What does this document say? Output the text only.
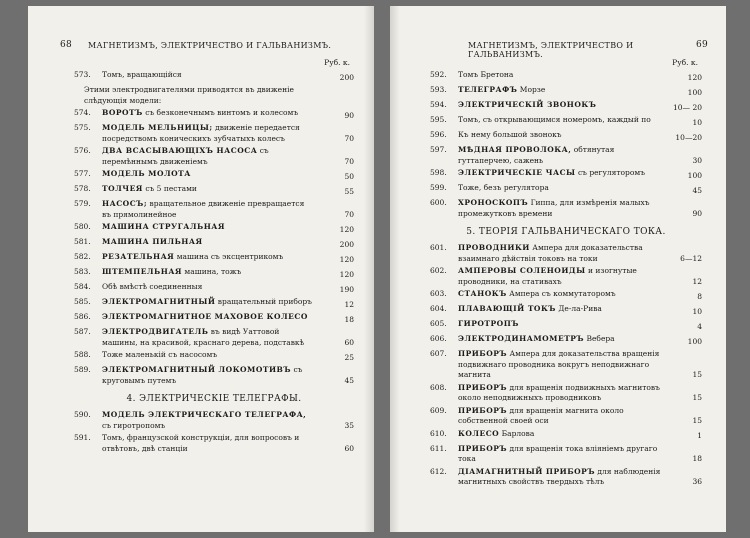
68 МАГНЕТИЗМЪ, ЭЛЕКТРИЧЕСТВО И ГАЛЬВАНИЗМЪ.
Руб. к.
573. Томъ, вращающійся	200
Этими электродвигателями приводятся въ движеніе слѣдующія модели:
574. ВОРОТЪ съ безконечнымъ винтомъ и колесомъ	90
575. МОДЕЛЬ МЕЛЬНИЦЫ; движеніе передается посредствомъ коническихъ зубчатыхъ колесъ	70
576. ДВА ВСАСЫВАЮЩІХЪ НАСОСА съ перемѣннымъ движеніемъ	70
577. МОДЕЛЬ МОЛОТА	50
578. ТОЛЧЕЯ съ 5 пестами	55
579. НАСОСЪ; вращательное движеніе превращается въ прямолинейное	70
580. МАШИНА СТРУГАЛЬНАЯ	120
581. МАШИНА ПИЛЬНАЯ	200
582. РЕЗАТЕЛЬНАЯ машина съ эксцентрикомъ	120
583. ШТЕМПЕЛЬНАЯ машина, тожъ	120
584. Обѣ вмѣстѣ соединенныя	190
585. ЭЛЕКТРОМАГНИТНЫЙ вращательный приборъ	12
586. ЭЛЕКТРОМАГНИТНОЕ МАХОВОЕ КОЛЕСО	18
587. ЭЛЕКТРОДВИГАТЕЛЬ въ видѣ Уаттовой машины, на красивой, краснаго дерева, подставкѣ	60
588. Тоже маленькій съ насосомъ	25
589. ЭЛЕКТРОМАГНИТНЫЙ ЛОКОМОТИВЪ съ круговымъ путемъ	45
4. ЭЛЕКТРИЧЕСКІЕ ТЕЛЕГРАФЫ.
590. МОДЕЛЬ ЭЛЕКТРИЧЕСКАГО ТЕЛЕГРАФА, съ гиротропомъ	35
591. Томъ, французской конструкціи, для вопросовъ и отвѣтовъ, двѣ станціи	60
МАГНЕТИЗМЪ, ЭЛЕКТРИЧЕСТВО И ГАЛЬВАНИЗМЪ.
69
Руб. к.
592. Томъ Бретона	120
593. ТЕЛЕГРАФЪ Морзе	100
594. ЭЛЕКТРИЧЕСКІЙ ЗВОНОКЪ	10— 20
595. Томъ, съ открывающимся номеромъ, каждый по	10
596. Къ нему большой звонокъ	10—20
597. МѢДНАЯ ПРОВОЛОКА, обтянутая гуттаперчею, сажень	30
598. ЭЛЕКТРИЧЕСКІЕ ЧАСЫ съ регуляторомъ	100
599. Тоже, безъ регулятора	45
600. ХРОНОСКОПЪ Гиппа, для измѣренія малыхъ промежутковъ времени	90
5. ТЕОРІЯ ГАЛЬВАНИЧЕСКАГО ТОКА.
601. ПРОВОДНИКИ Ампера для доказательства взаимнаго дѣйствія токовъ на токи	6—12
602. АМПЕРОВЫ СОЛЕНОИДЫ и изогнутые проводники, на стативахъ	12
603. СТАНОКЪ Ампера съ коммутаторомъ	8
604. ПЛАВАЮЩІЙ ТОКЪ Де-ла-Рива	10
605. ГИРОТРОПЪ	4
606. ЭЛЕКТРОДИНАМОМЕТРЪ Вебера	100
607. ПРИБОРЪ Ампера для доказательства вращенія подвижнаго проводника вокругъ неподвижнаго магнита	15
608. ПРИБОРЪ для вращенія подвижныхъ магнитовъ около неподвижныхъ проводниковъ	15
609. ПРИБОРЪ для вращенія магнита около собственной своей оси	15
610. КОЛЕСО Барлова	1
611. ПРИБОРЪ для вращенія тока вліяніемъ другаго тока	18
612. ДІАМАГНИТНЫЙ ПРИБОРЪ для наблюденія магнитныхъ свойствъ твердыхъ тѣлъ	36
